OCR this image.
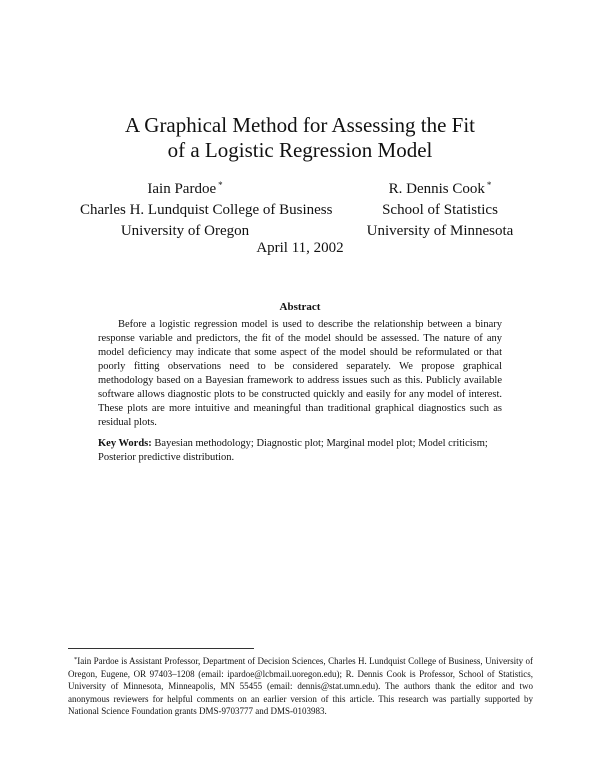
A Graphical Method for Assessing the Fit
of a Logistic Regression Model
Iain Pardoe *
Charles H. Lundquist College of Business
University of Oregon
R. Dennis Cook *
School of Statistics
University of Minnesota
April 11, 2002
Abstract

Before a logistic regression model is used to describe the relationship between a binary response variable and predictors, the fit of the model should be assessed. The nature of any model deficiency may indicate that some aspect of the model should be reformulated or that poorly fitting observations need to be considered separately. We propose graphical methodology based on a Bayesian framework to address issues such as this. Publicly available software allows diagnostic plots to be constructed quickly and easily for any model of interest. These plots are more intuitive and meaningful than traditional graphical diagnostics such as residual plots.

Key Words: Bayesian methodology; Diagnostic plot; Marginal model plot; Model criticism; Posterior predictive distribution.

*Iain Pardoe is Assistant Professor, Department of Decision Sciences, Charles H. Lundquist College of Business, University of Oregon, Eugene, OR 97403–1208 (email: ipardoe@lcbmail.uoregon.edu); R. Dennis Cook is Professor, School of Statistics, University of Minnesota, Minneapolis, MN 55455 (email: dennis@stat.umn.edu). The authors thank the editor and two anonymous reviewers for helpful comments on an earlier version of this article. This research was partially supported by National Science Foundation grants DMS-9703777 and DMS-0103983.
